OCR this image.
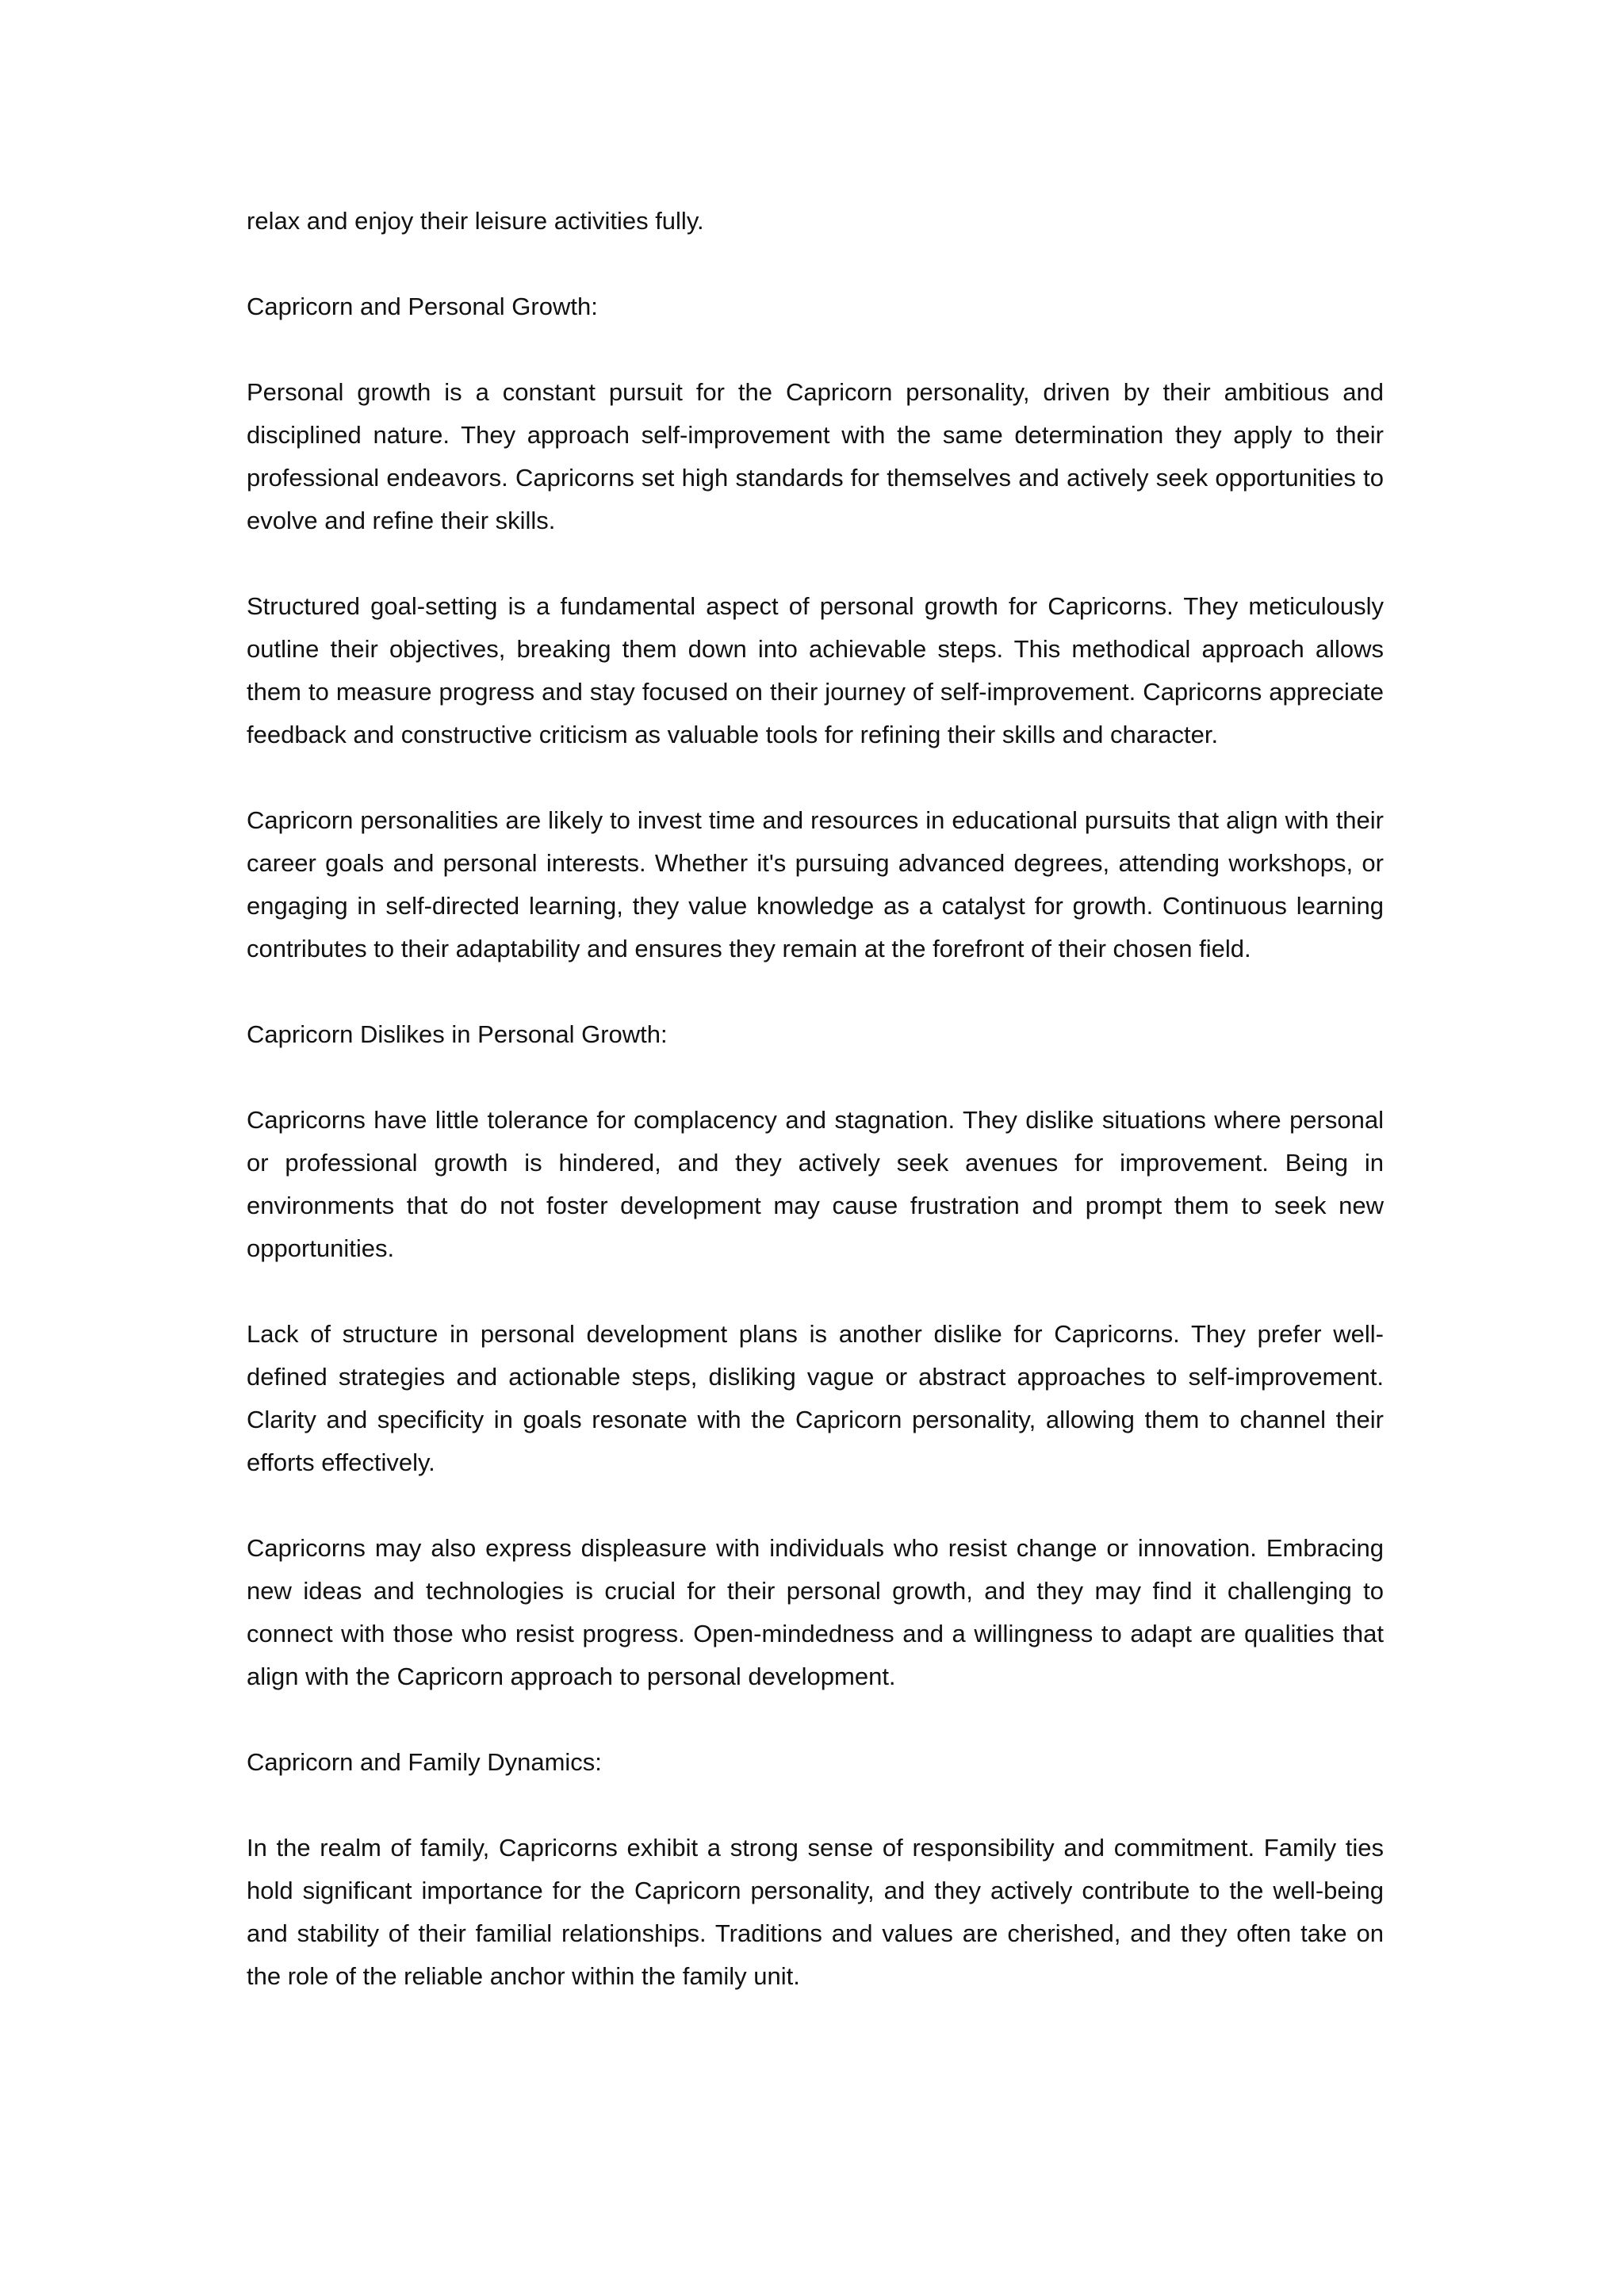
relax and enjoy their leisure activities fully.

Capricorn and Personal Growth:

Personal growth is a constant pursuit for the Capricorn personality, driven by their ambitious and disciplined nature. They approach self-improvement with the same determination they apply to their professional endeavors. Capricorns set high standards for themselves and actively seek opportunities to evolve and refine their skills.

Structured goal-setting is a fundamental aspect of personal growth for Capricorns. They meticulously outline their objectives, breaking them down into achievable steps. This methodical approach allows them to measure progress and stay focused on their journey of self-improvement. Capricorns appreciate feedback and constructive criticism as valuable tools for refining their skills and character.

Capricorn personalities are likely to invest time and resources in educational pursuits that align with their career goals and personal interests. Whether it's pursuing advanced degrees, attending workshops, or engaging in self-directed learning, they value knowledge as a catalyst for growth. Continuous learning contributes to their adaptability and ensures they remain at the forefront of their chosen field.

Capricorn Dislikes in Personal Growth:

Capricorns have little tolerance for complacency and stagnation. They dislike situations where personal or professional growth is hindered, and they actively seek avenues for improvement. Being in environments that do not foster development may cause frustration and prompt them to seek new opportunities.

Lack of structure in personal development plans is another dislike for Capricorns. They prefer well-defined strategies and actionable steps, disliking vague or abstract approaches to self-improvement. Clarity and specificity in goals resonate with the Capricorn personality, allowing them to channel their efforts effectively.

Capricorns may also express displeasure with individuals who resist change or innovation. Embracing new ideas and technologies is crucial for their personal growth, and they may find it challenging to connect with those who resist progress. Open-mindedness and a willingness to adapt are qualities that align with the Capricorn approach to personal development.

Capricorn and Family Dynamics:

In the realm of family, Capricorns exhibit a strong sense of responsibility and commitment. Family ties hold significant importance for the Capricorn personality, and they actively contribute to the well-being and stability of their familial relationships. Traditions and values are cherished, and they often take on the role of the reliable anchor within the family unit.
